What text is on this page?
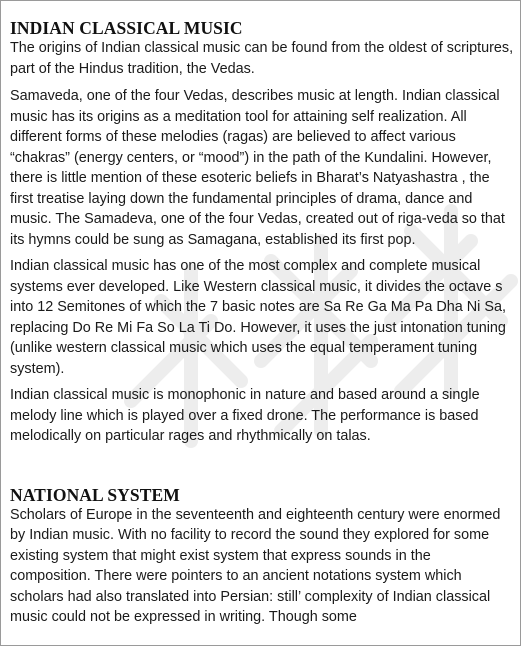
INDIAN CLASSICAL MUSIC

The origins of Indian classical music can be found from the oldest of scriptures, part of the Hindus tradition, the Vedas.

Samaveda, one of the four Vedas, describes music at length. Indian classical music has its origins as a meditation tool for attaining self realization. All different forms of these melodies (ragas) are believed to affect various “chakras” (energy centers, or “mood”) in the path of the Kundalini. However, there is little mention of these esoteric beliefs in Bharat’s Natyashastra , the first treatise laying down the fundamental principles of drama, dance and music. The Samadeva, one of the four Vedas, created out of riga-veda so that its hymns could be sung as Samagana, established its first pop.

Indian classical music has one of the most complex and complete musical systems ever developed. Like Western classical music, it divides the octave s into 12 Semitones of which the 7 basic notes are Sa Re Ga Ma Pa Dha Ni Sa, replacing Do Re Mi Fa So La Ti Do. However, it uses the just intonation tuning (unlike western classical music which uses the equal temperament tuning system).

Indian classical music is monophonic in nature and based around a single melody line which is played over a fixed drone. The performance is based melodically on particular rages and rhythmically on talas.

NATIONAL SYSTEM

Scholars of Europe in the seventeenth and eighteenth century were enormed by Indian music. With no facility to record the sound they explored for some existing system that might exist system that express sounds in the composition. There were pointers to an ancient notations system which scholars had also translated into Persian: still’ complexity of Indian classical music could not be expressed in writing. Though some
